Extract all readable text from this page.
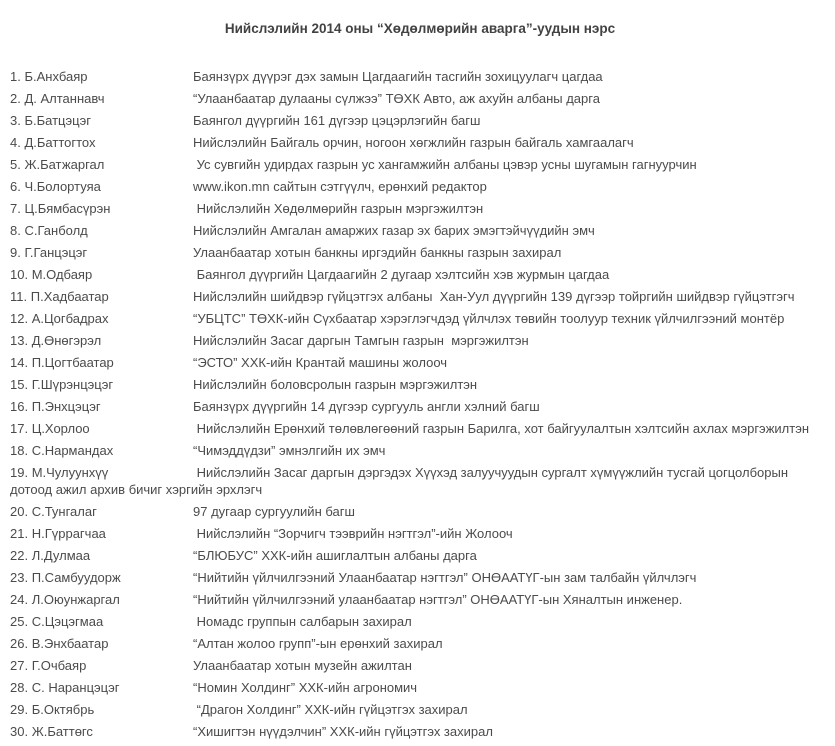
Нийслэлийн 2014 оны “Хөдөлмөрийн аварга”-уудын нэрс

1. Б.Анхбаяр	Баянзүрх дүүрэг дэх замын Цагдаагийн тасгийн зохицуулагч цагдаа

2. Д. Алтаннавч	“Улаанбаатар дулааны сүлжээ” ТӨХК Авто, аж ахуйн албаны дарга

3. Б.Батцэцэг	Баянгол дүүргийн 161 дүгээр цэцэрлэгийн багш

4. Д.Баттогтох	Нийслэлийн Байгаль орчин, ногоон хөгжлийн газрын байгаль хамгаалагч

5. Ж.Батжаргал	Ус сувгийн удирдах газрын ус хангамжийн албаны цэвэр усны шугамын гагнуурчин

6. Ч.Болортуяа	www.ikon.mn сайтын сэтгүүлч, ерөнхий редактор

7. Ц.Бямбасүрэн	Нийслэлийн Хөдөлмөрийн газрын мэргэжилтэн

8. С.Ганболд	Нийслэлийн Амгалан амаржих газар эх барих эмэгтэйчүүдийн эмч

9. Г.Ганцэцэг	Улаанбаатар хотын банкны иргэдийн банкны газрын захирал

10. М.Одбаяр	Баянгол дүүргийн Цагдаагийн 2 дугаар хэлтсийн хэв журмын цагдаа

11. П.Хадбаатар	Нийслэлийн шийдвэр гүйцэтгэх албаны  Хан-Уул дүүргийн 139 дүгээр тойргийн шийдвэр гүйцэтгэгч

12. А.Цогбадрах	“УБЦТС” ТӨХК-ийн Сүхбаатар хэрэглэгчдэд үйлчлэх төвийн тоолуур техник үйлчилгээний монтёр

13. Д.Өнөгэрэл	Нийслэлийн Засаг даргын Тамгын газрын  мэргэжилтэн

14. П.Цогтбаатар	“ЭСТО” ХХК-ийн Крантай машины жолооч

15. Г.Шүрэнцэцэг	Нийслэлийн боловсролын газрын мэргэжилтэн

16. П.Энхцэцэг	Баянзүрх дүүргийн 14 дүгээр сургууль англи хэлний багш

17. Ц.Хорлоо	Нийслэлийн Ерөнхий төлөвлөгөөний газрын Барилга, хот байгуулалтын хэлтсийн ахлах мэргэжилтэн

18. С.Нармандах	“Чимэддүдзи” эмнэлгийн их эмч

19. М.Чулуунхүү	Нийслэлийн Засаг даргын дэргэдэх Хүүхэд залуучуудын сургалт хүмүүжлийн тусгай цогцолборын дотоод ажил архив бичиг хэргийн эрхлэгч

20. С.Тунгалаг	97 дугаар сургуулийн багш

21. Н.Гүррагчаа	Нийслэлийн “Зорчигч тээврийн нэгтгэл”-ийн Жолооч

22. Л.Дулмаа	“БЛЮБУС” ХХК-ийн ашиглалтын албаны дарга

23. П.Самбуудорж	“Нийтийн үйлчилгээний Улаанбаатар нэгтгэл” ОНӨААТҮГ-ын зам талбайн үйлчлэгч

24. Л.Оюунжаргал	“Нийтийн үйлчилгээний улаанбаатар нэгтгэл” ОНӨААТҮГ-ын Хяналтын инженер.

25. С.Цэцэгмаа	Номадс группын салбарын захирал

26. В.Энхбаатар	“Алтан жолоо групп”-ын ерөнхий захирал

27. Г.Очбаяр	Улаанбаатар хотын музейн ажилтан

28. С. Наранцэцэг	“Номин Холдинг” ХХК-ийн агрономич

29. Б.Октябрь	“Драгон Холдинг” ХХК-ийн гүйцэтгэх захирал

30. Ж.Баттөгс	“Хишигтэн нүүдэлчин” ХХК-ийн гүйцэтгэх захирал
